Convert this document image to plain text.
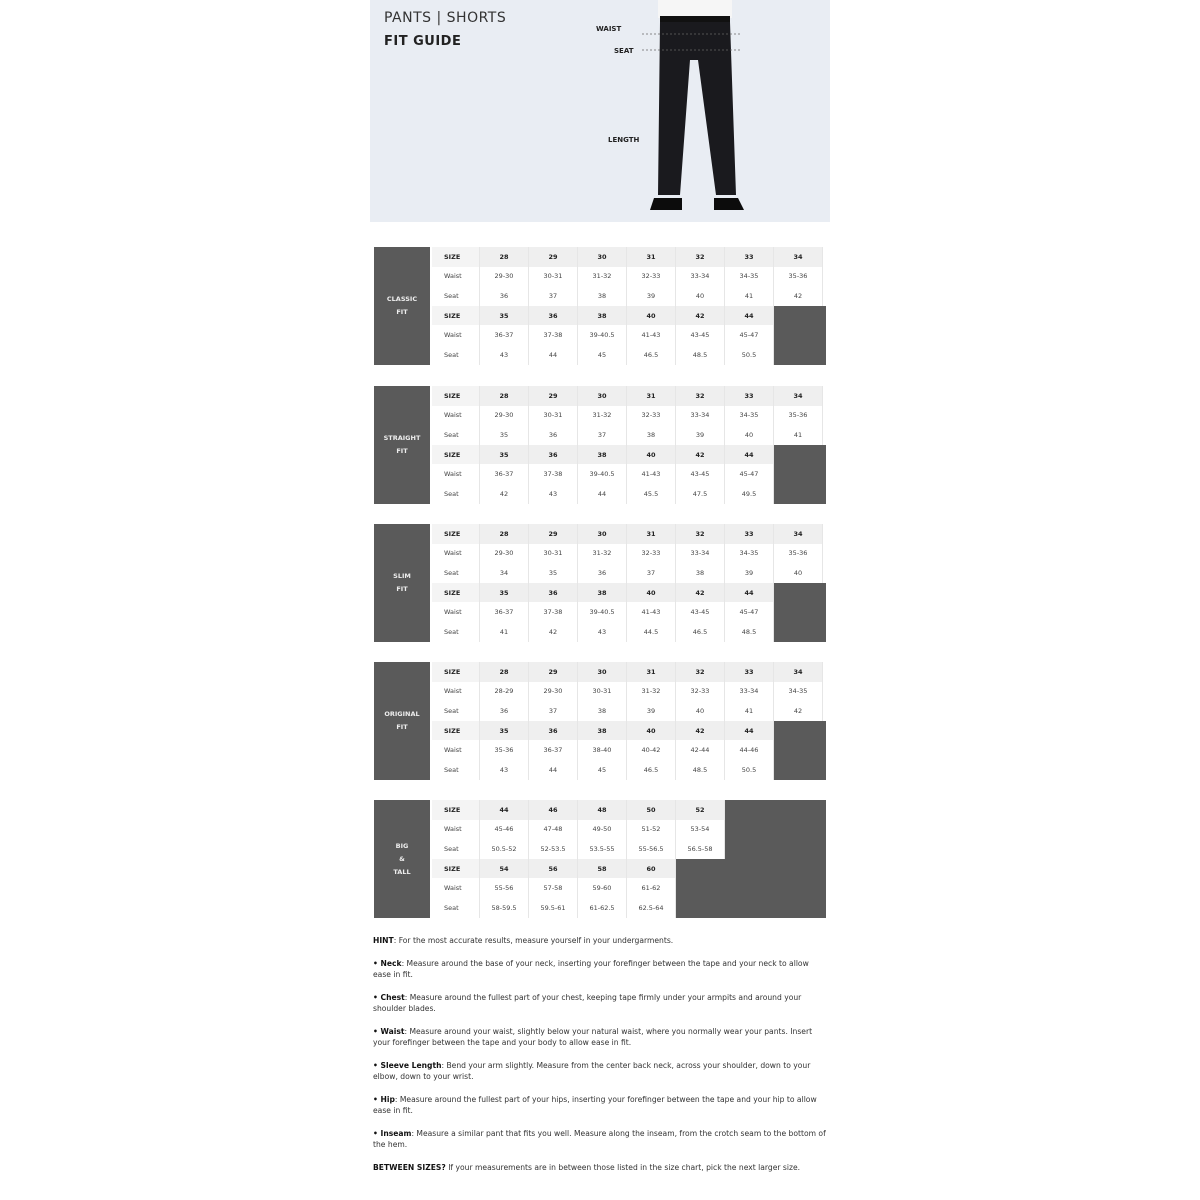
PANTS | SHORTS
FIT GUIDE
WAIST
SEAT
LENGTH
CLASSIC
FIT
SIZE	28	29	30	31	32	33	34
Waist	29-30	30-31	31-32	32-33	33-34	34-35	35-36
Seat	36	37	38	39	40	41	42
SIZE	35	36	38	40	42	44
Waist	36-37	37-38	39-40.5	41-43	43-45	45-47
Seat	43	44	45	46.5	48.5	50.5
STRAIGHT
FIT
SIZE	28	29	30	31	32	33	34
Waist	29-30	30-31	31-32	32-33	33-34	34-35	35-36
Seat	35	36	37	38	39	40	41
SIZE	35	36	38	40	42	44
Waist	36-37	37-38	39-40.5	41-43	43-45	45-47
Seat	42	43	44	45.5	47.5	49.5
SLIM
FIT
SIZE	28	29	30	31	32	33	34
Waist	29-30	30-31	31-32	32-33	33-34	34-35	35-36
Seat	34	35	36	37	38	39	40
SIZE	35	36	38	40	42	44
Waist	36-37	37-38	39-40.5	41-43	43-45	45-47
Seat	41	42	43	44.5	46.5	48.5
ORIGINAL
FIT
SIZE	28	29	30	31	32	33	34
Waist	28-29	29-30	30-31	31-32	32-33	33-34	34-35
Seat	36	37	38	39	40	41	42
SIZE	35	36	38	40	42	44
Waist	35-36	36-37	38-40	40-42	42-44	44-46
Seat	43	44	45	46.5	48.5	50.5
BIG
&
TALL
SIZE	44	46	48	50	52
Waist	45-46	47-48	49-50	51-52	53-54
Seat	50.5-52	52-53.5	53.5-55	55-56.5	56.5-58
SIZE	54	56	58	60
Waist	55-56	57-58	59-60	61-62
Seat	58-59.5	59.5-61	61-62.5	62.5-64

HINT: For the most accurate results, measure yourself in your undergarments.

• Neck: Measure around the base of your neck, inserting your forefinger between the tape and your neck to allow ease in fit.

• Chest: Measure around the fullest part of your chest, keeping tape firmly under your armpits and around your shoulder blades.

• Waist: Measure around your waist, slightly below your natural waist, where you normally wear your pants. Insert your forefinger between the tape and your body to allow ease in fit.

• Sleeve Length: Bend your arm slightly. Measure from the center back neck, across your shoulder, down to your elbow, down to your wrist.

• Hip: Measure around the fullest part of your hips, inserting your forefinger between the tape and your hip to allow ease in fit.

• Inseam: Measure a similar pant that fits you well. Measure along the inseam, from the crotch seam to the bottom of the hem.

BETWEEN SIZES? If your measurements are in between those listed in the size chart, pick the next larger size.
